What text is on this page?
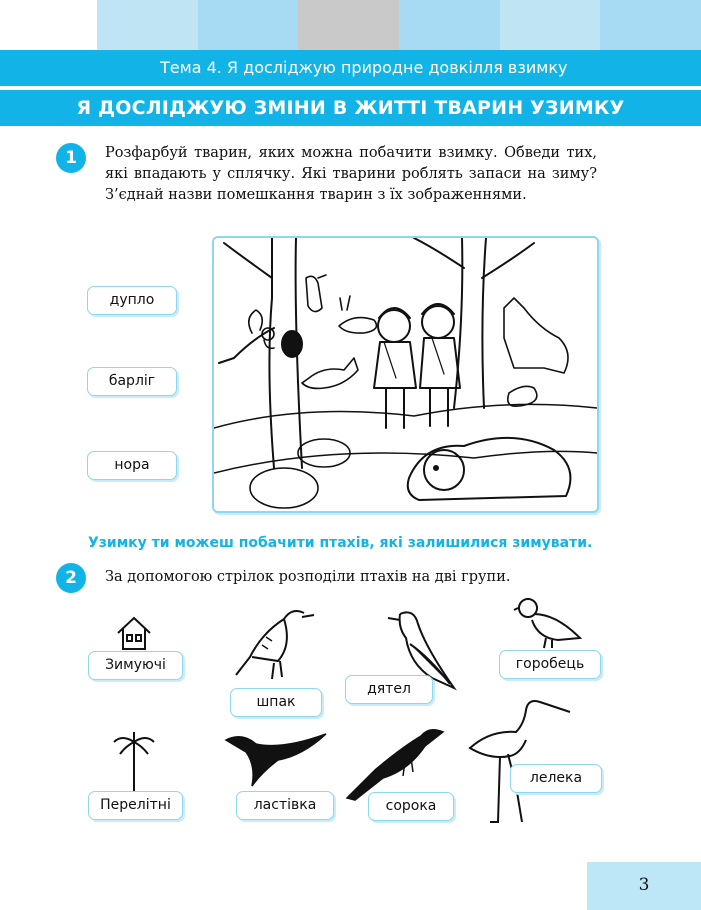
Тема 4. Я досліджую природне довкілля взимку
Я ДОСЛІДЖУЮ ЗМІНИ В ЖИТТІ ТВАРИН УЗИМКУ
1	Розфарбуй тварин, яких можна побачити взимку. Обведи тих, які впадають у сплячку. Які тварини роблять запаси на зиму? З’єднай назви помешкання тварин з їх зображеннями.
дупло
барліг
нора
Узимку ти можеш побачити птахів, які залишилися зимувати.
2	За допомогою стрілок розподіли птахів на дві групи.
Зимуючі
Перелітні
шпак
дятел
горобець
ластівка	сорока
лелека
3
